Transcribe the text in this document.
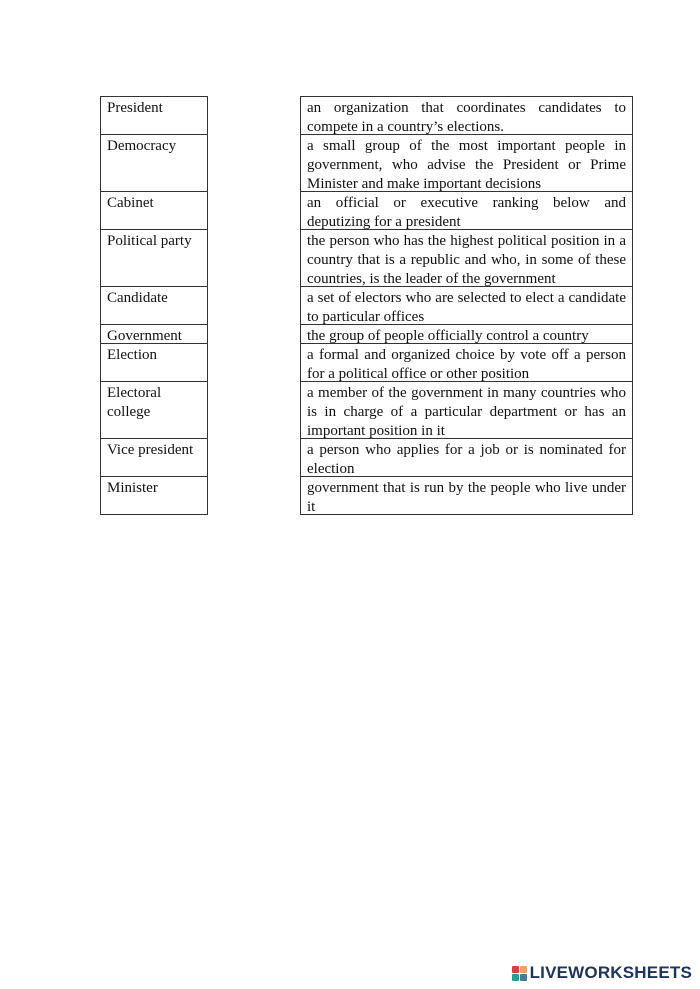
President
Democracy
Cabinet
Political party
Candidate
Government
Election
Electoral college
Vice president
Minister
an organization that coordinates candidates to compete in a country’s elections.
a small group of the most important people in government, who advise the President or Prime Minister and make important decisions
an official or executive ranking below and deputizing for a president
the person who has the highest political position in a country that is a republic and who, in some of these countries, is the leader of the government
a set of electors who are selected to elect a candidate to particular offices
the group of people officially control a country
a formal and organized choice by vote off a person for a political office or other position
a member of the government in many countries who is in charge of a particular department or has an important position in it
a person who applies for a job or is nominated for election
government that is run by the people who live under it
LIVEWORKSHEETS
